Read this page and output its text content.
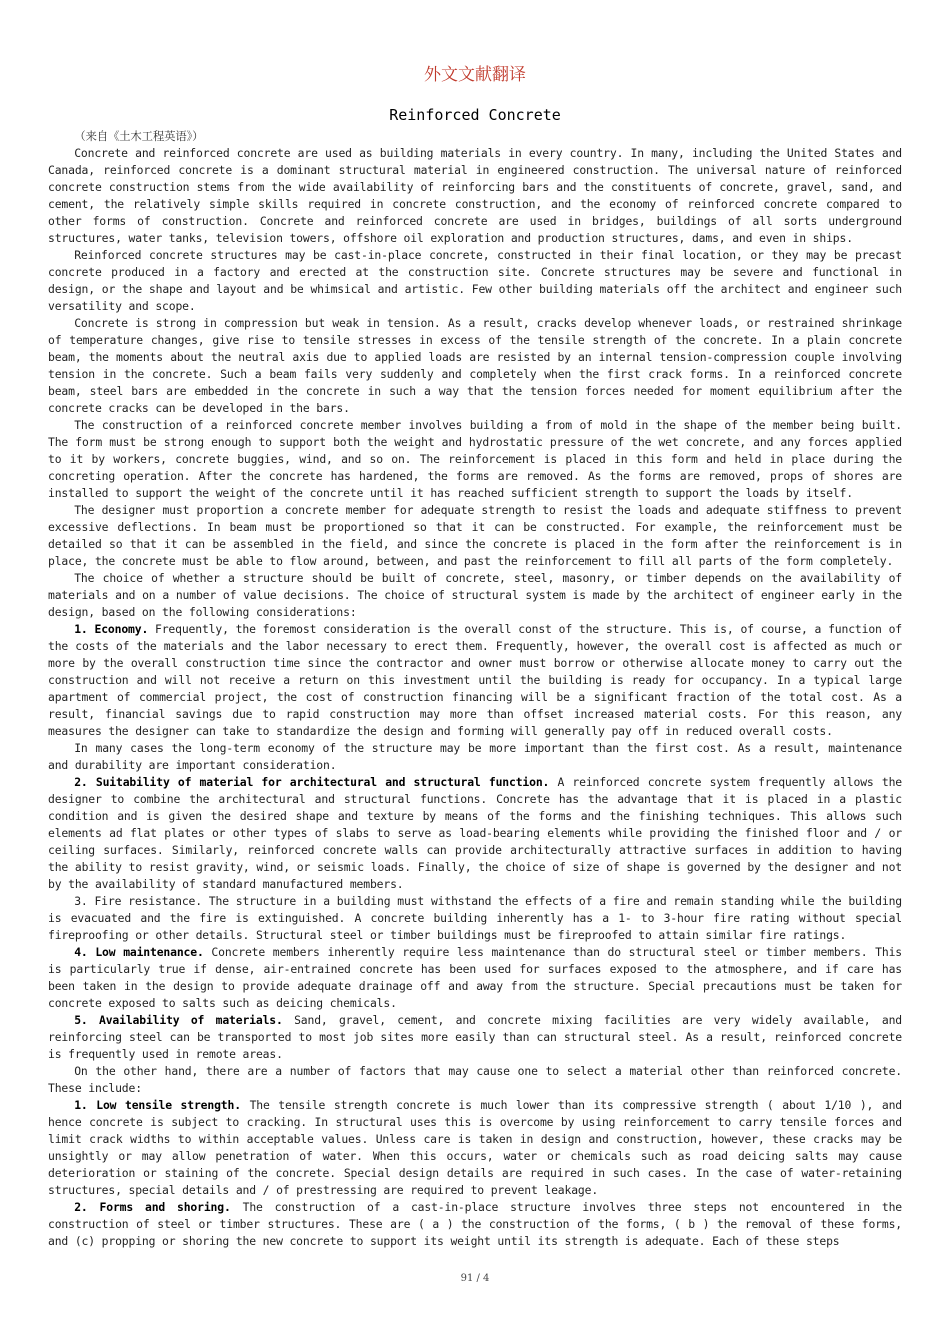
外文文献翻译
Reinforced Concrete
（来自《土木工程英语》）

Concrete and reinforced concrete are used as building materials in every country. In many, including the United States and Canada, reinforced concrete is a dominant structural material in engineered construction. The universal nature of reinforced concrete construction stems from the wide availability of reinforcing bars and the constituents of concrete, gravel, sand, and cement, the relatively simple skills required in concrete construction, and the economy of reinforced concrete compared to other forms of construction. Concrete and reinforced concrete are used in bridges, buildings of all sorts underground structures, water tanks, television towers, offshore oil exploration and production structures, dams, and even in ships.

Reinforced concrete structures may be cast-in-place concrete, constructed in their final location, or they may be precast concrete produced in a factory and erected at the construction site. Concrete structures may be severe and functional in design, or the shape and layout and be whimsical and artistic. Few other building materials off the architect and engineer such versatility and scope.

Concrete is strong in compression but weak in tension. As a result, cracks develop whenever loads, or restrained shrinkage of temperature changes, give rise to tensile stresses in excess of the tensile strength of the concrete. In a plain concrete beam, the moments about the neutral axis due to applied loads are resisted by an internal tension-compression couple involving tension in the concrete. Such a beam fails very suddenly and completely when the first crack forms. In a reinforced concrete beam, steel bars are embedded in the concrete in such a way that the tension forces needed for moment equilibrium after the concrete cracks can be developed in the bars.

The construction of a reinforced concrete member involves building a from of mold in the shape of the member being built. The form must be strong enough to support both the weight and hydrostatic pressure of the wet concrete, and any forces applied to it by workers, concrete buggies, wind, and so on. The reinforcement is placed in this form and held in place during the concreting operation. After the concrete has hardened, the forms are removed. As the forms are removed, props of shores are installed to support the weight of the concrete until it has reached sufficient strength to support the loads by itself.

The designer must proportion a concrete member for adequate strength to resist the loads and adequate stiffness to prevent excessive deflections. In beam must be proportioned so that it can be constructed. For example, the reinforcement must be detailed so that it can be assembled in the field, and since the concrete is placed in the form after the reinforcement is in place, the concrete must be able to flow around, between, and past the reinforcement to fill all parts of the form completely.

The choice of whether a structure should be built of concrete, steel, masonry, or timber depends on the availability of materials and on a number of value decisions. The choice of structural system is made by the architect of engineer early in the design, based on the following considerations:

1. Economy. Frequently, the foremost consideration is the overall const of the structure. This is, of course, a function of the costs of the materials and the labor necessary to erect them. Frequently, however, the overall cost is affected as much or more by the overall construction time since the contractor and owner must borrow or otherwise allocate money to carry out the construction and will not receive a return on this investment until the building is ready for occupancy. In a typical large apartment of commercial project, the cost of construction financing will be a significant fraction of the total cost. As a result, financial savings due to rapid construction may more than offset increased material costs. For this reason, any measures the designer can take to standardize the design and forming will generally pay off in reduced overall costs.

In many cases the long-term economy of the structure may be more important than the first cost. As a result, maintenance and durability are important consideration.

2. Suitability of material for architectural and structural function. A reinforced concrete system frequently allows the designer to combine the architectural and structural functions. Concrete has the advantage that it is placed in a plastic condition and is given the desired shape and texture by means of the forms and the finishing techniques. This allows such elements ad flat plates or other types of slabs to serve as load-bearing elements while providing the finished floor and / or ceiling surfaces. Similarly, reinforced concrete walls can provide architecturally attractive surfaces in addition to having the ability to resist gravity, wind, or seismic loads. Finally, the choice of size of shape is governed by the designer and not by the availability of standard manufactured members.

3. Fire resistance. The structure in a building must withstand the effects of a fire and remain standing while the building is evacuated and the fire is extinguished. A concrete building inherently has a 1- to 3-hour fire rating without special fireproofing or other details. Structural steel or timber buildings must be fireproofed to attain similar fire ratings.

4. Low maintenance. Concrete members inherently require less maintenance than do structural steel or timber members. This is particularly true if dense, air-entrained concrete has been used for surfaces exposed to the atmosphere, and if care has been taken in the design to provide adequate drainage off and away from the structure. Special precautions must be taken for concrete exposed to salts such as deicing chemicals.

5. Availability of materials. Sand, gravel, cement, and concrete mixing facilities are very widely available, and reinforcing steel can be transported to most job sites more easily than can structural steel. As a result, reinforced concrete is frequently used in remote areas.

On the other hand, there are a number of factors that may cause one to select a material other than reinforced concrete. These include:

1. Low tensile strength. The tensile strength concrete is much lower than its compressive strength ( about 1/10 ), and hence concrete is subject to cracking. In structural uses this is overcome by using reinforcement to carry tensile forces and limit crack widths to within acceptable values. Unless care is taken in design and construction, however, these cracks may be unsightly or may allow penetration of water. When this occurs, water or chemicals such as road deicing salts may cause deterioration or staining of the concrete. Special design details are required in such cases. In the case of water-retaining structures, special details and / of prestressing are required to prevent leakage.

2. Forms and shoring. The construction of a cast-in-place structure involves three steps not encountered in the construction of steel or timber structures. These are ( a ) the construction of the forms, ( b ) the removal of these forms, and (c) propping or shoring the new concrete to support its weight until its strength is adequate. Each of these steps

91 / 4
